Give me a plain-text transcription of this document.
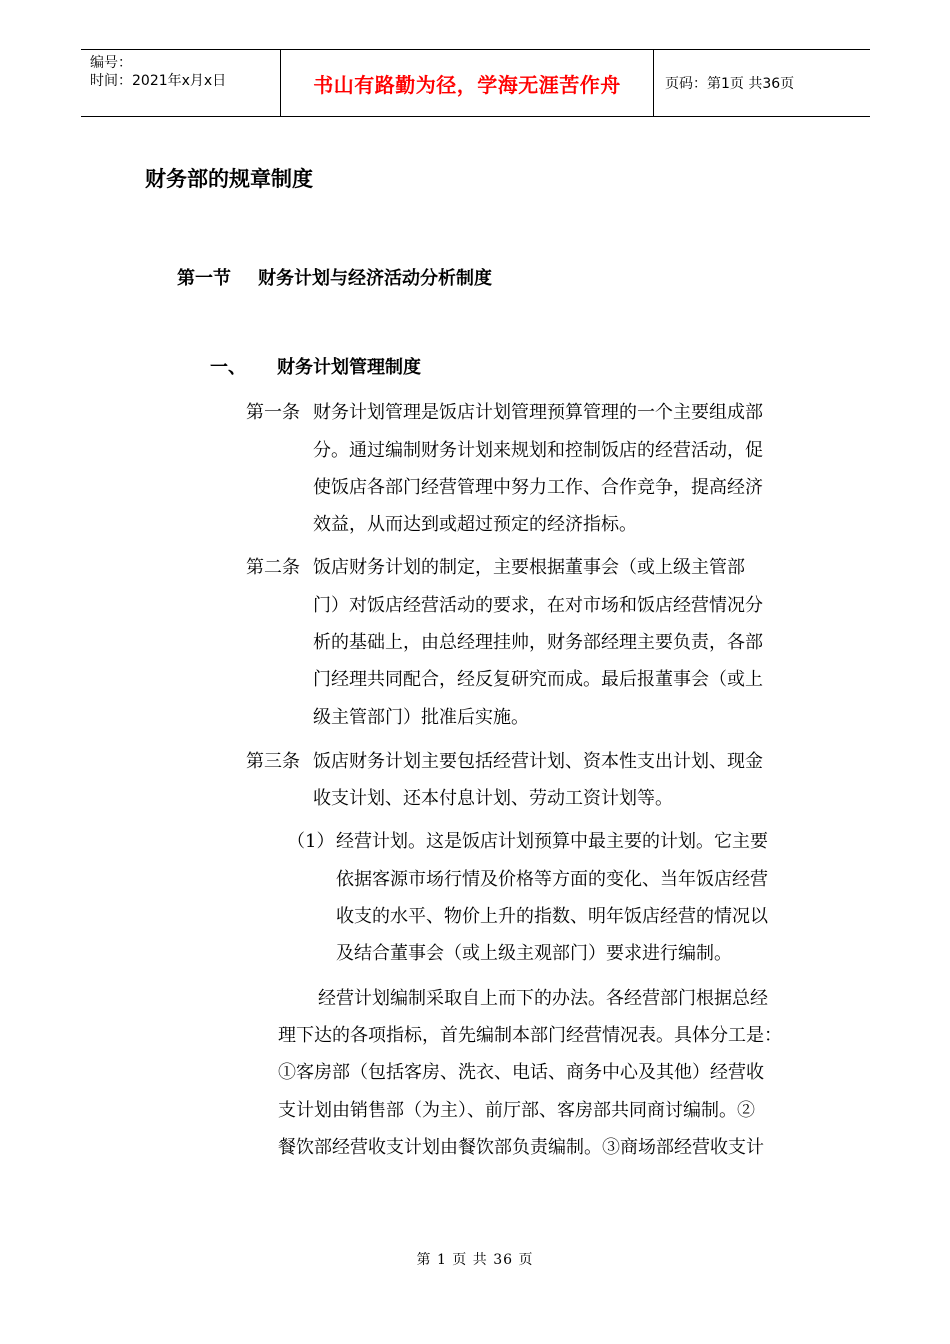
编号：
时间：2021年x月x日	书山有路勤为径，学海无涯苦作舟	页码：第1页 共36页
财务部的规章制度
第一节 财务计划与经济活动分析制度
一、 财务计划管理制度
第一条 财务计划管理是饭店计划管理预算管理的一个主要组成部
分。通过编制财务计划来规划和控制饭店的经营活动，促
使饭店各部门经营管理中努力工作、合作竞争，提高经济
效益，从而达到或超过预定的经济指标。
第二条 饭店财务计划的制定，主要根据董事会（或上级主管部
门）对饭店经营活动的要求，在对市场和饭店经营情况分
析的基础上，由总经理挂帅，财务部经理主要负责，各部
门经理共同配合，经反复研究而成。最后报董事会（或上
级主管部门）批准后实施。
第三条 饭店财务计划主要包括经营计划、资本性支出计划、现金
收支计划、还本付息计划、劳动工资计划等。
（1） 经营计划。这是饭店计划预算中最主要的计划。它主要
依据客源市场行情及价格等方面的变化、当年饭店经营
收支的水平、物价上升的指数、明年饭店经营的情况以
及结合董事会（或上级主观部门）要求进行编制。
经营计划编制采取自上而下的办法。各经营部门根据总经
理下达的各项指标，首先编制本部门经营情况表。具体分工是：
①客房部（包括客房、洗衣、电话、商务中心及其他）经营收
支计划由销售部（为主）、前厅部、客房部共同商讨编制。②
餐饮部经营收支计划由餐饮部负责编制。③商场部经营收支计
第 1 页 共 36 页
